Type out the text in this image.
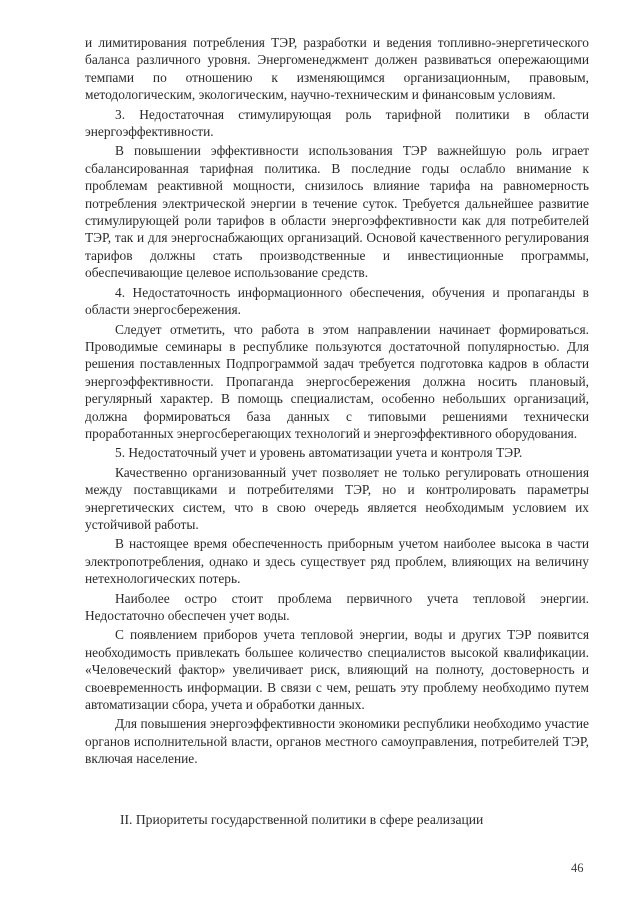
и лимитирования потребления ТЭР, разработки и ведения топливно-энергетического баланса различного уровня. Энергоменеджмент должен развиваться опережающими темпами по отношению к изменяющимся организационным, правовым, методологическим, экологическим, научно-техническим и финансовым условиям.

3. Недостаточная стимулирующая роль тарифной политики в области энергоэффективности.

В повышении эффективности использования ТЭР важнейшую роль играет сбалансированная тарифная политика. В последние годы ослабло внимание к проблемам реактивной мощности, снизилось влияние тарифа на равномерность потребления электрической энергии в течение суток. Требуется дальнейшее развитие стимулирующей роли тарифов в области энергоэффективности как для потребителей ТЭР, так и для энергоснабжающих организаций. Основой качественного регулирования тарифов должны стать производственные и инвестиционные программы, обеспечивающие целевое использование средств.

4. Недостаточность информационного обеспечения, обучения и пропаганды в области энергосбережения.

Следует отметить, что работа в этом направлении начинает формироваться. Проводимые семинары в республике пользуются достаточной популярностью. Для решения поставленных Подпрограммой задач требуется подготовка кадров в области энергоэффективности. Пропаганда энергосбережения должна носить плановый, регулярный характер. В помощь специалистам, особенно небольших организаций, должна формироваться база данных с типовыми решениями технически проработанных энергосберегающих технологий и энергоэффективного оборудования.

5. Недостаточный учет и уровень автоматизации учета и контроля ТЭР.

Качественно организованный учет позволяет не только регулировать отношения между поставщиками и потребителями ТЭР, но и контролировать параметры энергетических систем, что в свою очередь является необходимым условием их устойчивой работы.

В настоящее время обеспеченность приборным учетом наиболее высока в части электропотребления, однако и здесь существует ряд проблем, влияющих на величину нетехнологических потерь.

Наиболее остро стоит проблема первичного учета тепловой энергии. Недостаточно обеспечен учет воды.

С появлением приборов учета тепловой энергии, воды и других ТЭР появится необходимость привлекать большее количество специалистов высокой квалификации. «Человеческий фактор» увеличивает риск, влияющий на полноту, достоверность и своевременность информации. В связи с чем, решать эту проблему необходимо путем автоматизации сбора, учета и обработки данных.

Для повышения энергоэффективности экономики республики необходимо участие органов исполнительной власти, органов местного самоуправления, потребителей ТЭР, включая население.

II. Приоритеты государственной политики в сфере реализации
46
